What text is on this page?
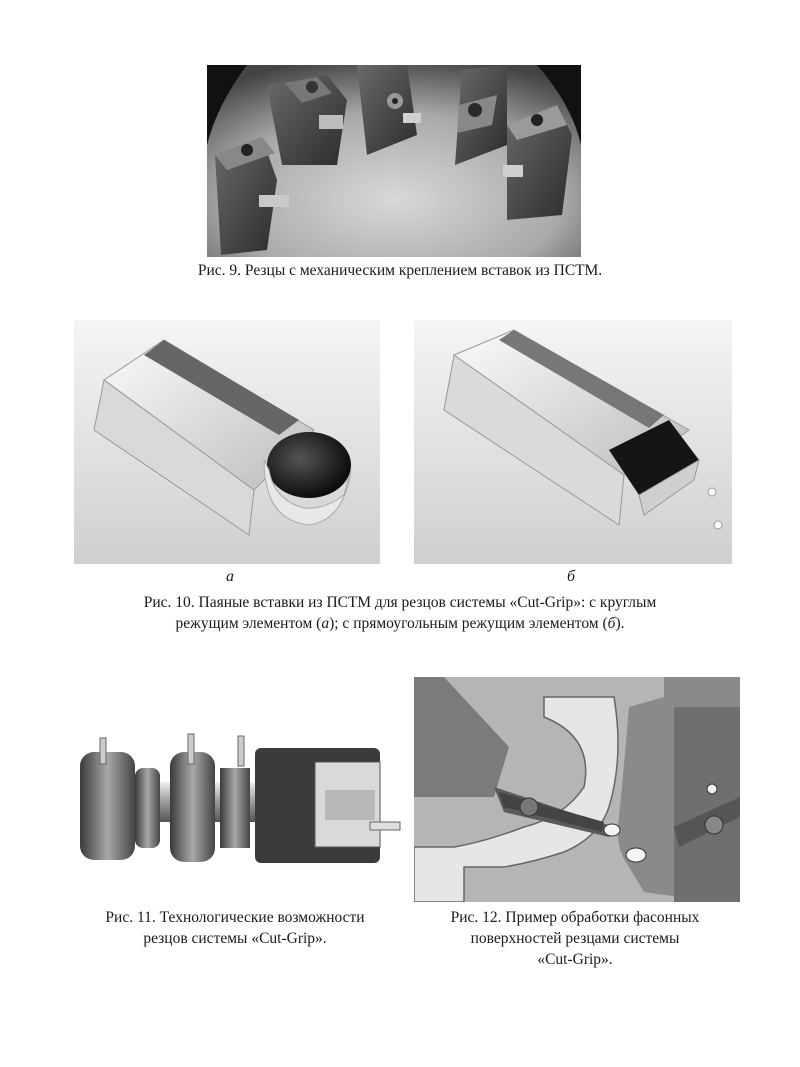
Рис. 9. Резцы с механическим креплением вставок из ПСТМ.
а	б
Рис. 10. Паяные вставки из ПСТМ для резцов системы «Cut-Grip»: с круглым
режущим элементом (а); с прямоугольным режущим элементом (б).
Рис. 11. Технологические возможности
резцов системы «Cut-Grip».
Рис. 12. Пример обработки фасонных
поверхностей резцами системы
«Cut-Grip».
